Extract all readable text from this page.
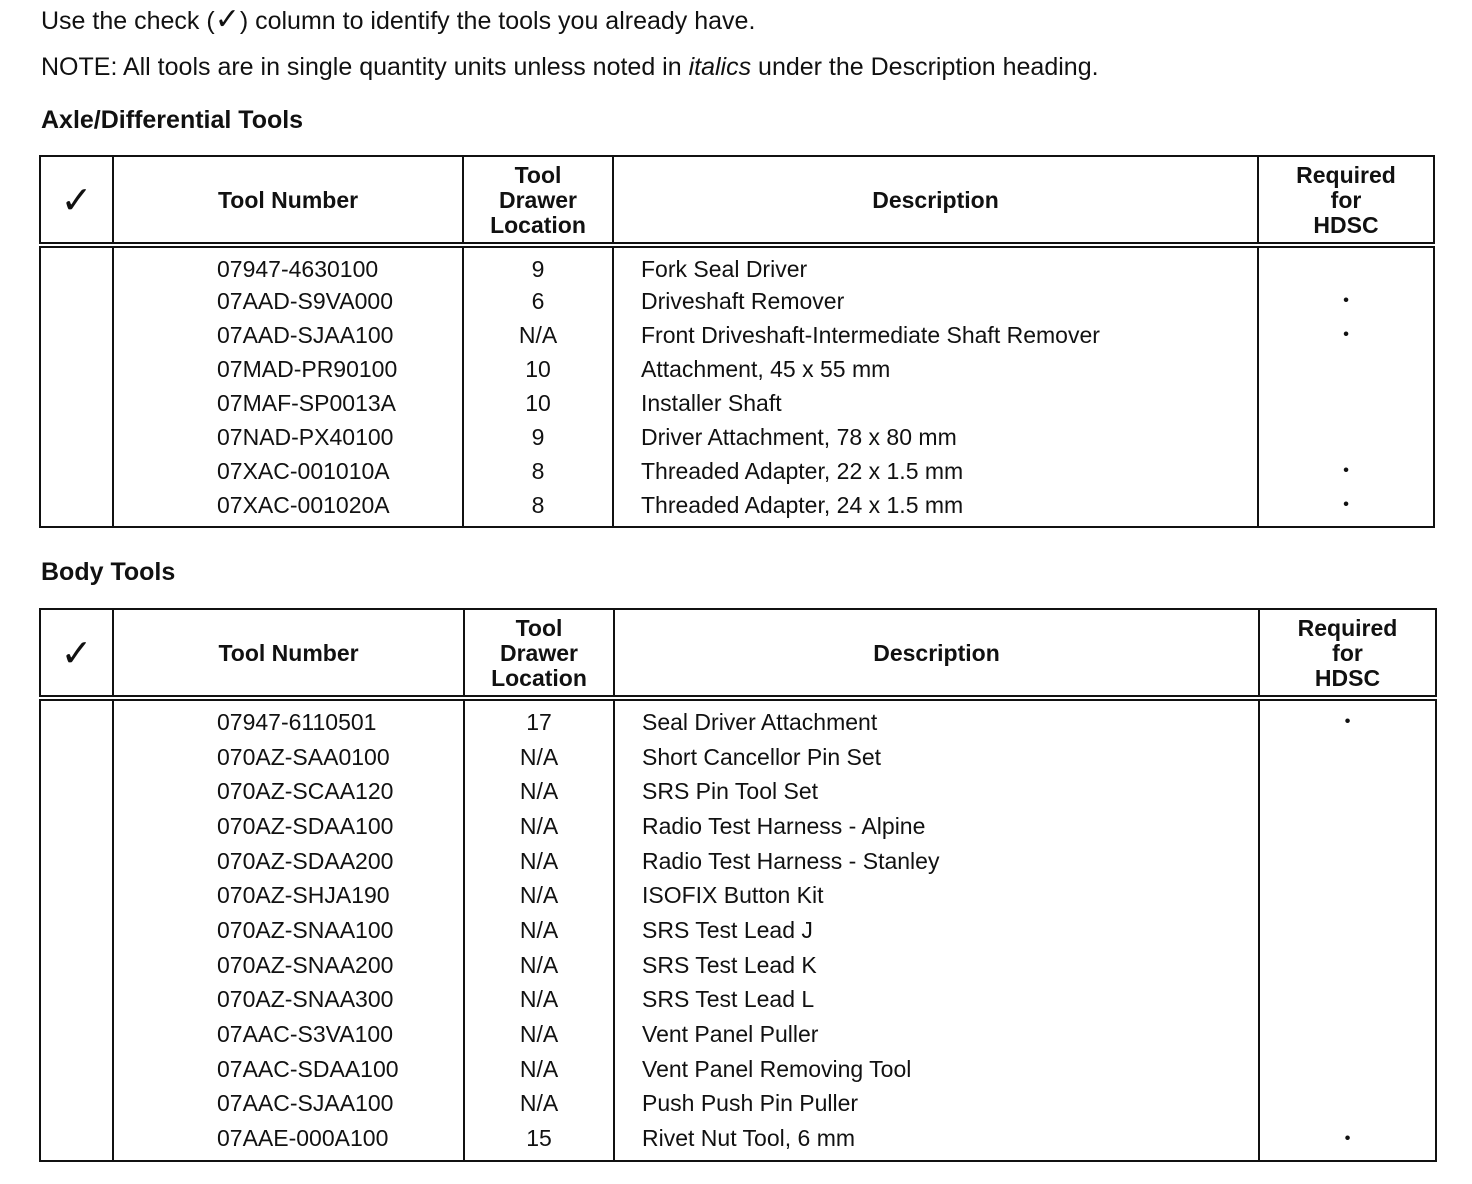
Use the check (✓) column to identify the tools you already have.
NOTE: All tools are in single quantity units unless noted in italics under the Description heading.
Axle/Differential Tools
✓	Tool Number	Tool
Drawer
Location	Description	Required
for
HDSC
	07947-4630100	9	Fork Seal Driver	
	07AAD-S9VA000	6	Driveshaft Remover	•
	07AAD-SJAA100	N/A	Front Driveshaft-Intermediate Shaft Remover	•
	07MAD-PR90100	10	Attachment, 45 x 55 mm	
	07MAF-SP0013A	10	Installer Shaft	
	07NAD-PX40100	9	Driver Attachment, 78 x 80 mm	
	07XAC-001010A	8	Threaded Adapter, 22 x 1.5 mm	•
	07XAC-001020A	8	Threaded Adapter, 24 x 1.5 mm	•
Body Tools
✓	Tool Number	Tool
Drawer
Location	Description	Required
for
HDSC
	07947-6110501	17	Seal Driver Attachment	•
	070AZ-SAA0100	N/A	Short Cancellor Pin Set	
	070AZ-SCAA120	N/A	SRS Pin Tool Set	
	070AZ-SDAA100	N/A	Radio Test Harness - Alpine	
	070AZ-SDAA200	N/A	Radio Test Harness - Stanley	
	070AZ-SHJA190	N/A	ISOFIX Button Kit	
	070AZ-SNAA100	N/A	SRS Test Lead J	
	070AZ-SNAA200	N/A	SRS Test Lead K	
	070AZ-SNAA300	N/A	SRS Test Lead L	
	07AAC-S3VA100	N/A	Vent Panel Puller	
	07AAC-SDAA100	N/A	Vent Panel Removing Tool	
	07AAC-SJAA100	N/A	Push Push Pin Puller	
	07AAE-000A100	15	Rivet Nut Tool, 6 mm	•
